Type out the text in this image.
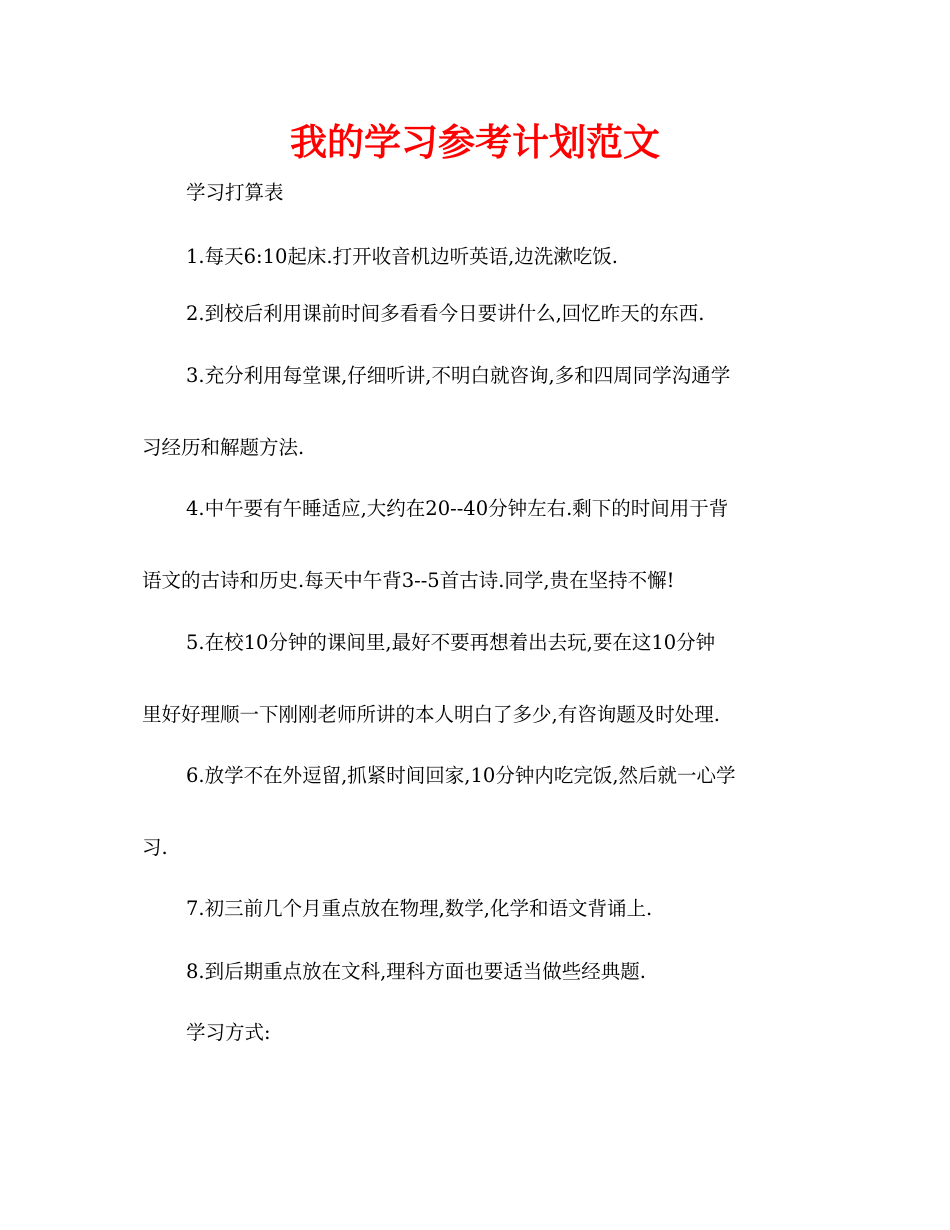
我的学习参考计划范文

学习打算表

1.每天6:10起床.打开收音机边听英语,边洗漱吃饭.

2.到校后利用课前时间多看看今日要讲什么,回忆昨天的东西.

3.充分利用每堂课,仔细听讲,不明白就咨询,多和四周同学沟通学
习经历和解题方法.

4.中午要有午睡适应,大约在20--40分钟左右.剩下的时间用于背
语文的古诗和历史.每天中午背3--5首古诗.同学,贵在坚持不懈!

5.在校10分钟的课间里,最好不要再想着出去玩,要在这10分钟
里好好理顺一下刚刚老师所讲的本人明白了多少,有咨询题及时处理.

6.放学不在外逗留,抓紧时间回家,10分钟内吃完饭,然后就一心学
习.

7.初三前几个月重点放在物理,数学,化学和语文背诵上.

8.到后期重点放在文科,理科方面也要适当做些经典题.

学习方式:
